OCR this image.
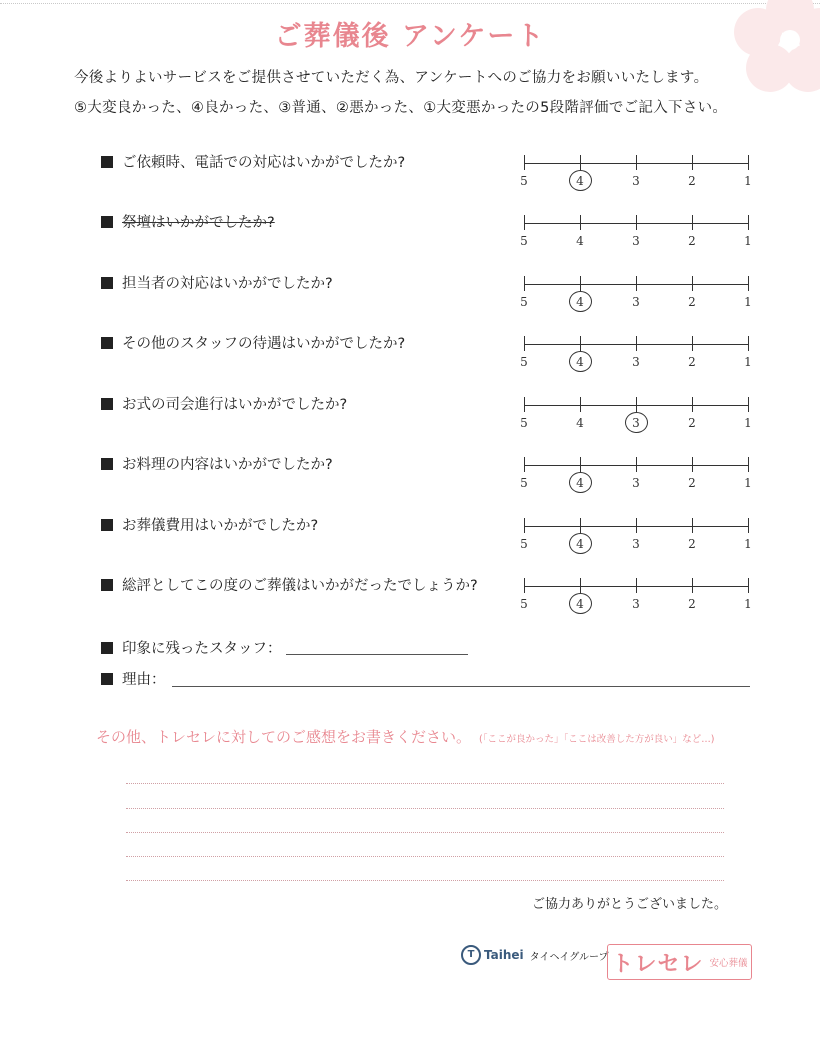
ご葬儀後 アンケート
今後よりよいサービスをご提供させていただく為、アンケートへのご協力をお願いいたします。
⑤大変良かった、④良かった、③普通、②悪かった、①大変悪かったの5段階評価でご記入下さい。
ご依頼時、電話での対応はいかがでしたか?
5	4	3	2	1
祭壇はいかがでしたか?
5	4	3	2	1
担当者の対応はいかがでしたか?
5	4	3	2	1
その他のスタッフの待遇はいかがでしたか?
5	4	3	2	1
お式の司会進行はいかがでしたか?
5	4	3	2	1
お料理の内容はいかがでしたか?
5	4	3	2	1
お葬儀費用はいかがでしたか?
5	4	3	2	1
総評としてこの度のご葬儀はいかがだったでしょうか?
5	4	3	2	1
印象に残ったスタッフ：
理由：
その他、トレセレに対してのご感想をお書きください。 (「ここが良かった」「ここは改善した方が良い」など…)
ご協力ありがとうございました。
T Taihei タイヘイグループ トレセレ 安心葬儀
